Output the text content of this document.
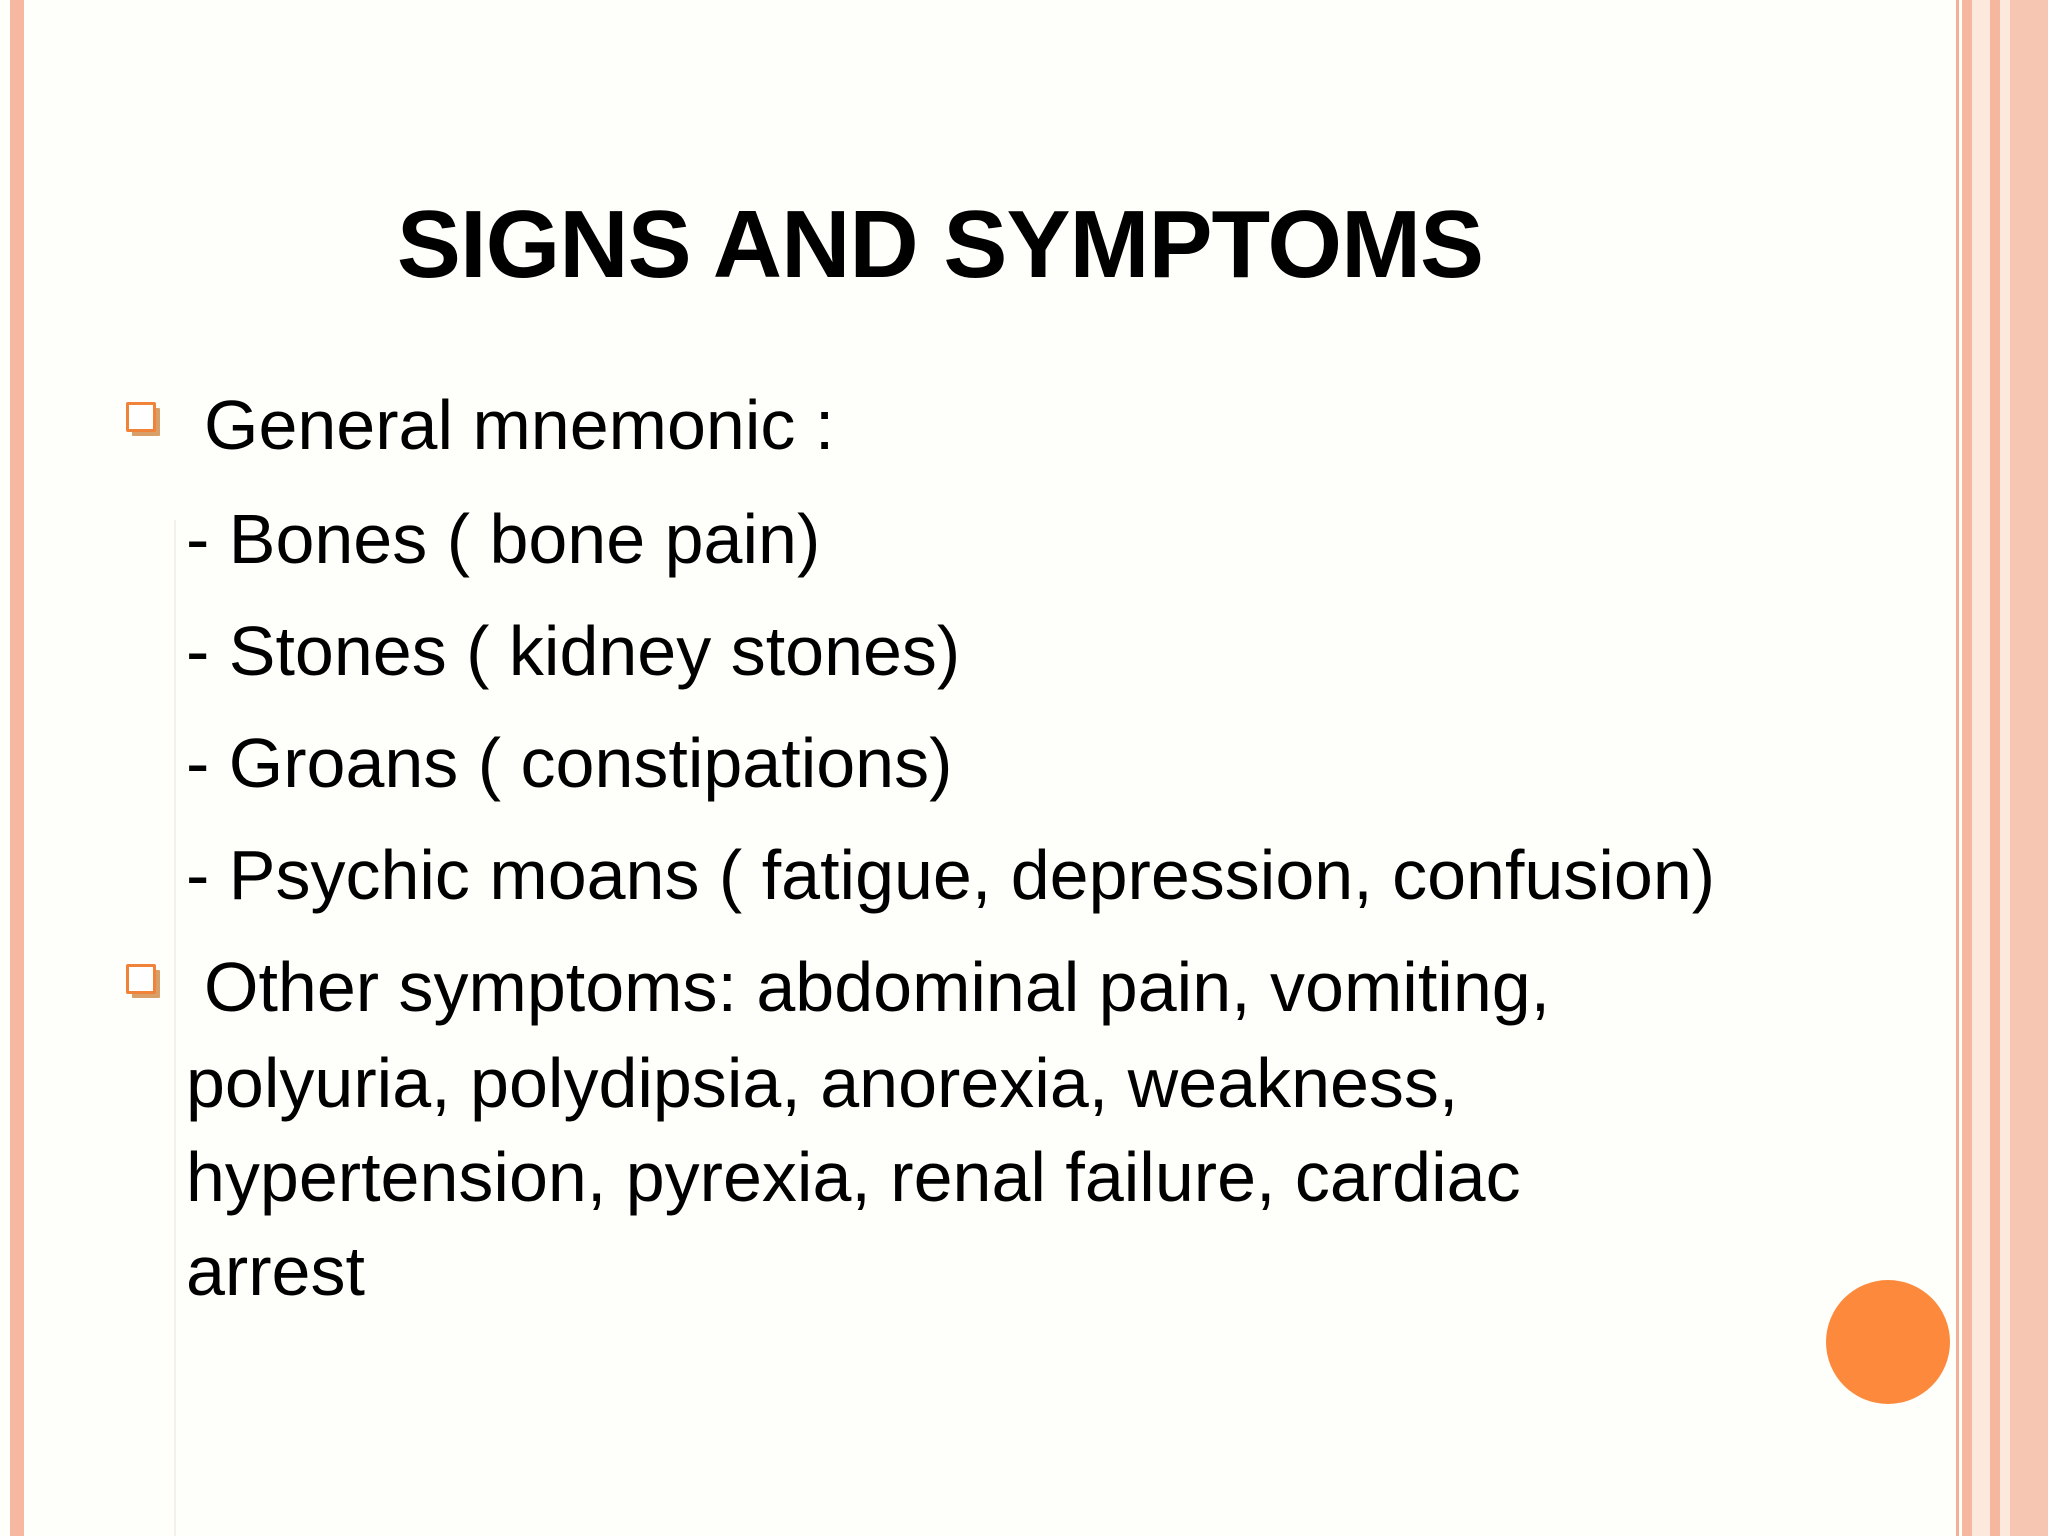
SIGNS AND SYMPTOMS
General mnemonic :
- Bones ( bone pain)
- Stones ( kidney stones)
- Groans ( constipations)
- Psychic moans ( fatigue, depression, confusion)
Other symptoms: abdominal pain, vomiting,
polyuria, polydipsia, anorexia, weakness,
hypertension, pyrexia, renal failure, cardiac
arrest
